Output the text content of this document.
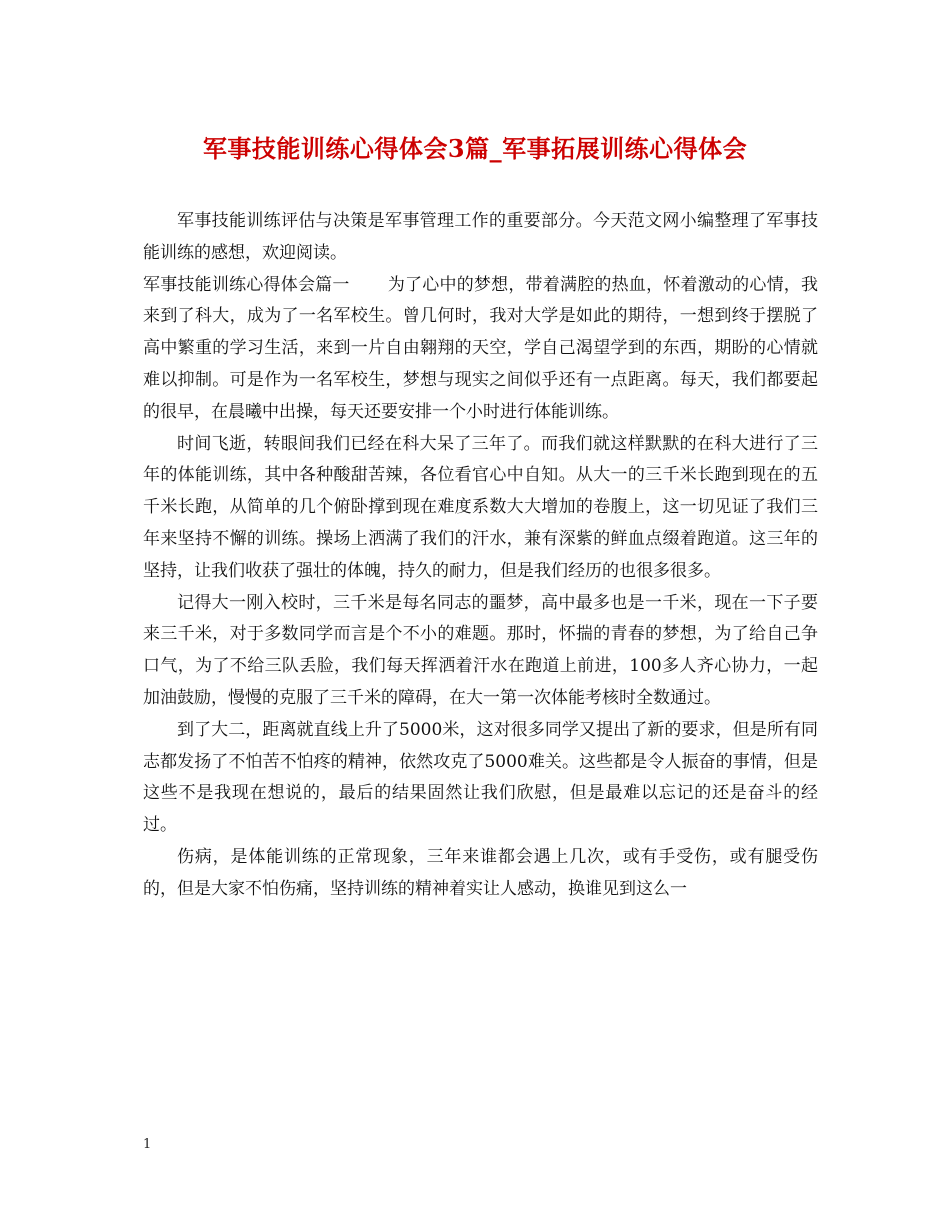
军事技能训练心得体会3篇_军事拓展训练心得体会

军事技能训练评估与决策是军事管理工作的重要部分。今天范文网小编整理了军事技能训练的感想，欢迎阅读。

军事技能训练心得体会篇一 为了心中的梦想，带着满腔的热血，怀着激动的心情，我来到了科大，成为了一名军校生。曾几何时，我对大学是如此的期待，一想到终于摆脱了高中繁重的学习生活，来到一片自由翱翔的天空，学自己渴望学到的东西，期盼的心情就难以抑制。可是作为一名军校生，梦想与现实之间似乎还有一点距离。每天，我们都要起的很早，在晨曦中出操，每天还要安排一个小时进行体能训练。

时间飞逝，转眼间我们已经在科大呆了三年了。而我们就这样默默的在科大进行了三年的体能训练，其中各种酸甜苦辣，各位看官心中自知。从大一的三千米长跑到现在的五千米长跑，从简单的几个俯卧撑到现在难度系数大大增加的卷腹上，这一切见证了我们三年来坚持不懈的训练。操场上洒满了我们的汗水，兼有深紫的鲜血点缀着跑道。这三年的坚持，让我们收获了强壮的体魄，持久的耐力，但是我们经历的也很多很多。

记得大一刚入校时，三千米是每名同志的噩梦，高中最多也是一千米，现在一下子要来三千米，对于多数同学而言是个不小的难题。那时，怀揣的青春的梦想，为了给自己争口气，为了不给三队丢脸，我们每天挥洒着汗水在跑道上前进，100多人齐心协力，一起加油鼓励，慢慢的克服了三千米的障碍，在大一第一次体能考核时全数通过。

到了大二，距离就直线上升了5000米，这对很多同学又提出了新的要求，但是所有同志都发扬了不怕苦不怕疼的精神，依然攻克了5000难关。这些都是令人振奋的事情，但是这些不是我现在想说的，最后的结果固然让我们欣慰，但是最难以忘记的还是奋斗的经过。

伤病，是体能训练的正常现象，三年来谁都会遇上几次，或有手受伤，或有腿受伤的，但是大家不怕伤痛，坚持训练的精神着实让人感动，换谁见到这么一

1
